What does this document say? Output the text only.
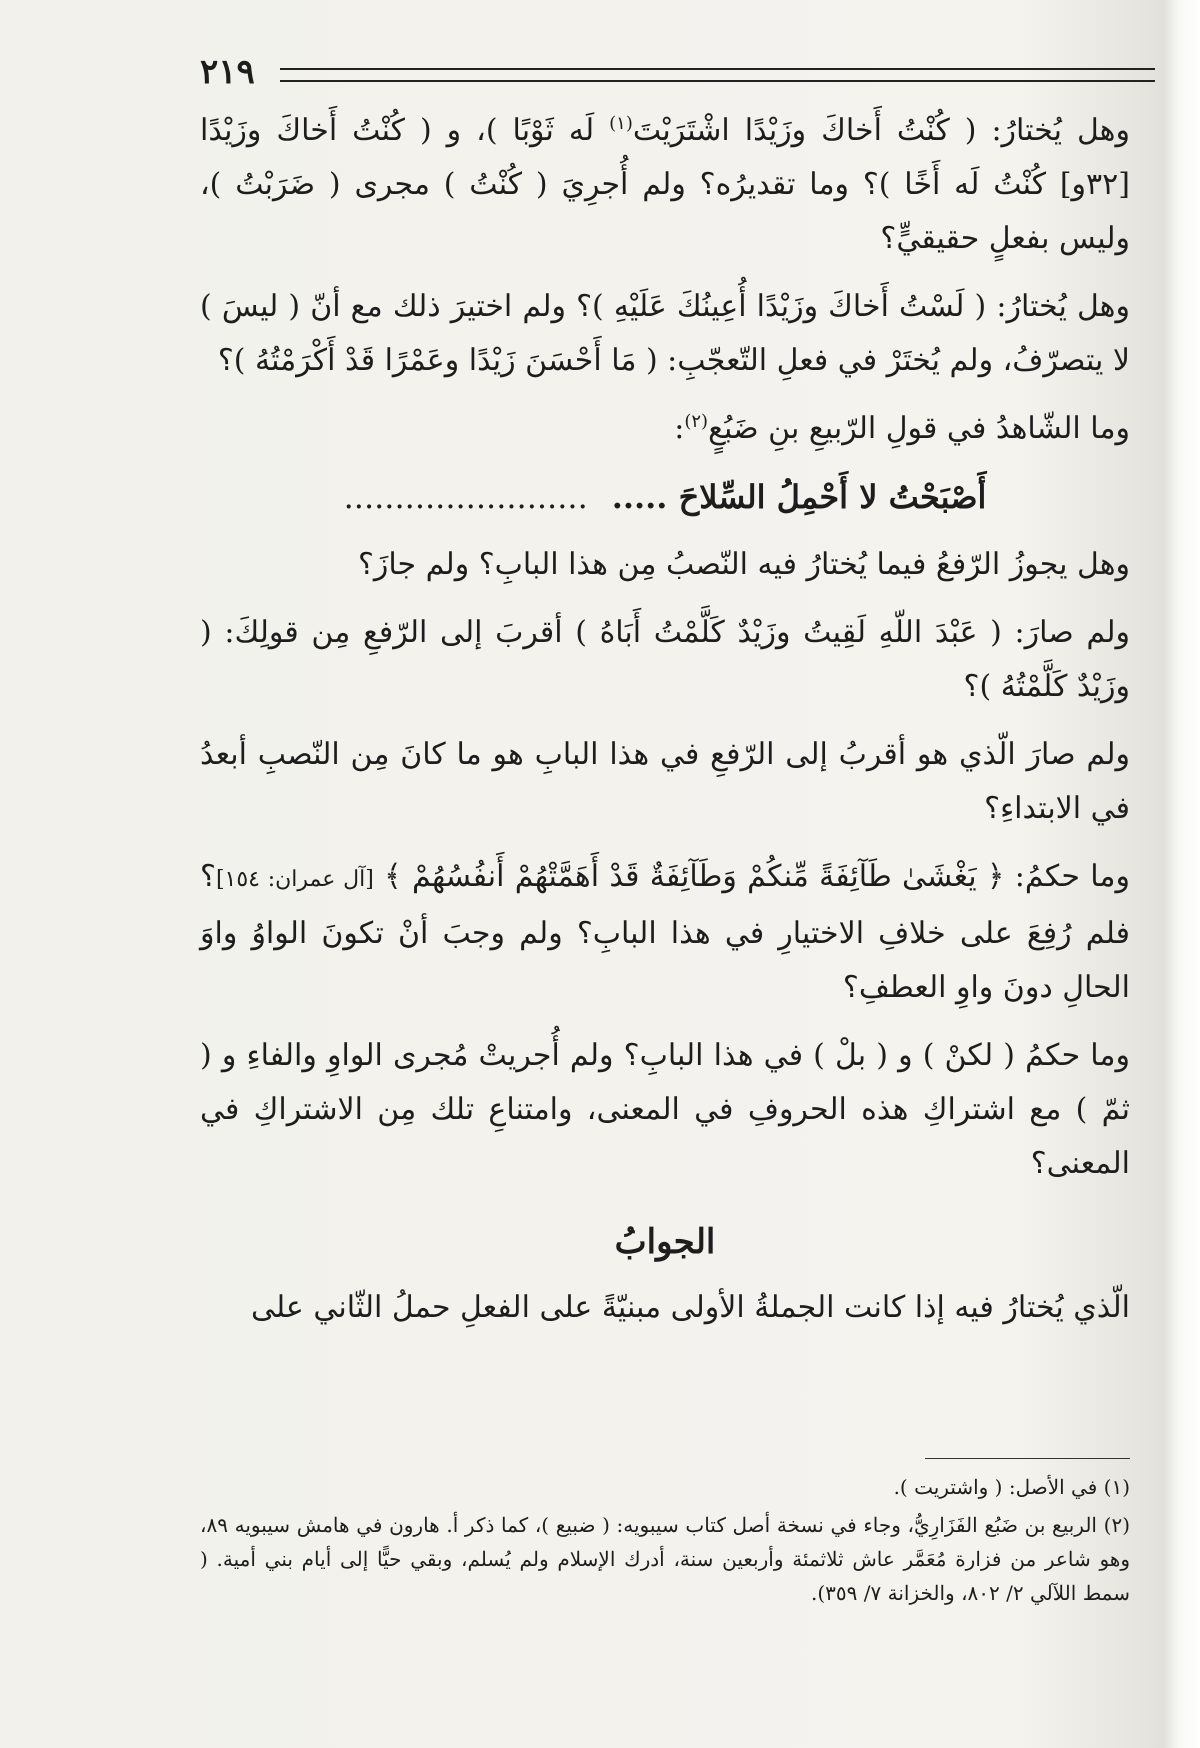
٢١٩

وهل يُختارُ: ( كُنْتُ أَخاكَ وزَيْدًا اشْتَرَيْتَ$^{(١)}$ لَه ثَوْبًا )، و ( كُنْتُ أَخاكَ وزَيْدًا [٣٢و] كُنْتُ لَه أَخًا )؟ وما تقديرُه؟ ولم أُجرِيَ ( كُنْتُ ) مجرى ( ضَرَبْتُ )، وليس بفعلٍ حقيقيٍّ؟

وهل يُختارُ: ( لَسْتُ أَخاكَ وزَيْدًا أُعِينُكَ عَلَيْهِ )؟ ولم اختيرَ ذلك مع أنّ ( ليسَ ) لا يتصرّفُ، ولم يُختَرْ في فعلِ التّعجّبِ: ( مَا أَحْسَنَ زَيْدًا وعَمْرًا قَدْ أَكْرَمْتُهُ )؟

وما الشّاهدُ في قولِ الرّبيعِ بنِ ضَبُعٍ$^{(٢)}$:

أَصْبَحْتُ لا أَحْمِلُ السِّلاحَ .............................

وهل يجوزُ الرّفعُ فيما يُختارُ فيه النّصبُ مِن هذا البابِ؟ ولم جازَ؟

ولم صارَ: ( عَبْدَ اللّهِ لَقِيتُ وزَيْدٌ كَلَّمْتُ أَبَاهُ ) أقربَ إلى الرّفعِ مِن قولِكَ: ( وزَيْدٌ كَلَّمْتُهُ )؟

ولم صارَ الّذي هو أقربُ إلى الرّفعِ في هذا البابِ هو ما كانَ مِن النّصبِ أبعدُ في الابتداءِ؟

وما حكمُ: ﴿ يَغْشَىٰ طَآئِفَةً مِّنكُمْ وَطَآئِفَةٌ قَدْ أَهَمَّتْهُمْ أَنفُسُهُمْ ﴾ [آل عمران: ١٥٤]؟ فلم رُفِعَ على خلافِ الاختيارِ في هذا البابِ؟ ولم وجبَ أنْ تكونَ الواوُ واوَ الحالِ دونَ واوِ العطفِ؟

وما حكمُ ( لكنْ ) و ( بلْ ) في هذا البابِ؟ ولم أُجريتْ مُجرى الواوِ والفاءِ و ( ثمّ ) مع اشتراكِ هذه الحروفِ في المعنى، وامتناعِ تلك مِن الاشتراكِ في المعنى؟

الجوابُ

الّذي يُختارُ فيه إذا كانت الجملةُ الأولى مبنيّةً على الفعلِ حملُ الثّاني على

(١) في الأصل: ( واشتريت ).

(٢) الربيع بن ضَبُع الفَزَارِيُّ، وجاء في نسخة أصل كتاب سيبويه: ( ضبيع )، كما ذكر أ. هارون في هامش سيبويه ٨٩، وهو شاعر من فزارة مُعَمَّر عاش ثلاثمئة وأربعين سنة، أدرك الإسلام ولم يُسلم، وبقي حيًّا إلى أيام بني أمية. ( سمط اللآلي ٢/ ٨٠٢، والخزانة ٧/ ٣٥٩).
